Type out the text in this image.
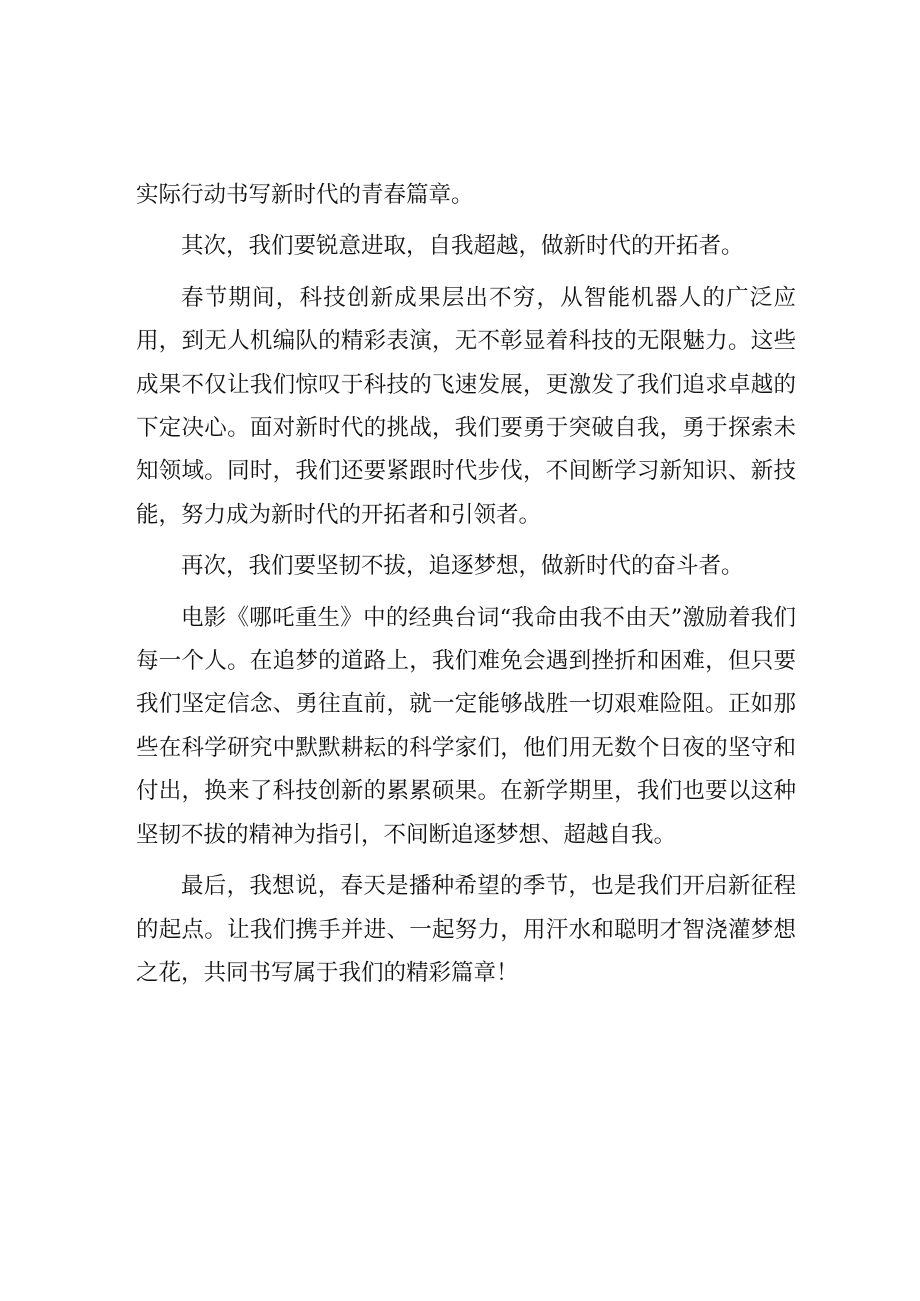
实际行动书写新时代的青春篇章。

其次，我们要锐意进取，自我超越，做新时代的开拓者。

春节期间，科技创新成果层出不穷，从智能机器人的广泛应用，到无人机编队的精彩表演，无不彰显着科技的无限魅力。这些成果不仅让我们惊叹于科技的飞速发展，更激发了我们追求卓越的下定决心。面对新时代的挑战，我们要勇于突破自我，勇于探索未知领域。同时，我们还要紧跟时代步伐，不间断学习新知识、新技能，努力成为新时代的开拓者和引领者。

再次，我们要坚韧不拔，追逐梦想，做新时代的奋斗者。

电影《哪吒重生》中的经典台词“我命由我不由天”激励着我们每一个人。在追梦的道路上，我们难免会遇到挫折和困难，但只要我们坚定信念、勇往直前，就一定能够战胜一切艰难险阻。正如那些在科学研究中默默耕耘的科学家们，他们用无数个日夜的坚守和付出，换来了科技创新的累累硕果。在新学期里，我们也要以这种坚韧不拔的精神为指引，不间断追逐梦想、超越自我。

最后，我想说，春天是播种希望的季节，也是我们开启新征程的起点。让我们携手并进、一起努力，用汗水和聪明才智浇灌梦想之花，共同书写属于我们的精彩篇章！
